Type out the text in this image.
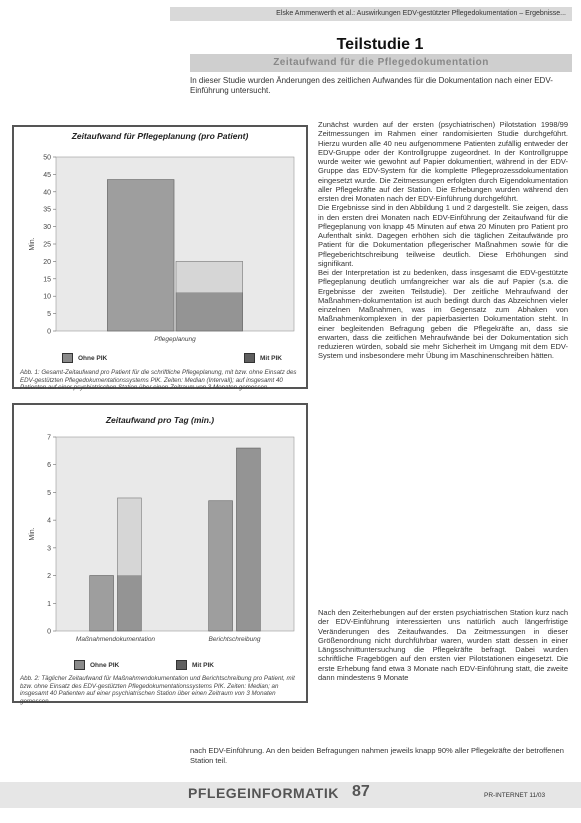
Elske Ammenwerth et al.: Auswirkungen EDV-gestützter Pflegedokumentation – Ergebnisse...
Teilstudie 1
Zeitaufwand für die Pflegedokumentation
In dieser Studie wurden Änderungen des zeitlichen Aufwandes für die Dokumentation nach einer EDV-Einführung untersucht.
Zeitaufwand für Pflegeplanung (pro Patient)
0
5
10
15
20
25
30
35
40
45
50
Min.
Pflegeplanung
Ohne PIK	Mit PIK
Abb. 1: Gesamt-Zeitaufwand pro Patient für die schriftliche Pflegeplanung, mit bzw. ohne Einsatz des EDV-gestützten Pflegedokumentationssystems PIK. Zeiten: Median (Intervall); auf insgesamt 40 Patienten auf einer psychiatrischen Station über einen Zeitraum von 3 Monaten gemessen.
Zeitaufwand pro Tag (min.)
0
1
2
3
4
5
6
7
Min.
Maßnahmendokumentation	Berichtschreibung
Ohne PIK	Mit PIK
Abb. 2: Täglicher Zeitaufwand für Maßnahmendokumentation und Berichtschreibung pro Patient, mit bzw. ohne Einsatz des EDV-gestützten Pflegedokumentationssystems PIK. Zeiten: Median; an insgesamt 40 Patienten auf einer psychiatrischen Station über einen Zeitraum von 3 Monaten gemessen.

Zunächst wurden auf der ersten (psychiatrischen) Pilotstation 1998/99 Zeitmessungen im Rahmen einer randomisierten Studie durchgeführt. Hierzu wurden alle 40 neu aufgenommene Patienten zufällig entweder der EDV-Gruppe oder der Kontrollgruppe zugeordnet. In der Kontrollgruppe wurde weiter wie gewohnt auf Papier dokumentiert, während in der EDV-Gruppe das EDV-System für die komplette Pflegeprozessdokumentation eingesetzt wurde. Die Zeitmessungen erfolgten durch Eigendokumentation aller Pflegekräfte auf der Station. Die Erhebungen wurden während den ersten drei Monaten nach der EDV-Einführung durchgeführt.

Die Ergebnisse sind in den Abbildung 1 und 2 dargestellt. Sie zeigen, dass in den ersten drei Monaten nach EDV-Einführung der Zeitaufwand für die Pflegeplanung von knapp 45 Minuten auf etwa 20 Minuten pro Patient pro Aufenthalt sinkt. Dagegen erhöhen sich die täglichen Zeitaufwände pro Patient für die Dokumentation pflegerischer Maßnahmen sowie für die Pflegeberichtschreibung teilweise deutlich. Diese Erhöhungen sind signifikant.

Bei der Interpretation ist zu bedenken, dass insgesamt die EDV-gestützte Pflegeplanung deutlich umfangreicher war als die auf Papier (s.a. die Ergebnisse der zweiten Teilstudie). Der zeitliche Mehraufwand der Maßnahmen-dokumentation ist auch bedingt durch das Abzeichnen vieler einzelnen Maßnahmen, was im Gegensatz zum Abhaken von Maßnahmenkomplexen in der papierbasierten Dokumentation steht. In einer begleitenden Befragung geben die Pflegekräfte an, dass sie erwarten, dass die zeitlichen Mehraufwände bei der Dokumentation sich reduzieren würden, sobald sie mehr Sicherheit im Umgang mit dem EDV-System und insbesondere mehr Übung im Maschinenschreiben hätten.

Nach den Zeiterhebungen auf der ersten psychiatrischen Station kurz nach der EDV-Einführung interessierten uns natürlich auch längerfristige Veränderungen des Zeitaufwandes. Da Zeitmessungen in dieser Größenordnung nicht durchführbar waren, wurden statt dessen in einer Längsschnittuntersuchung die Pflegekräfte befragt. Dabei wurden schriftliche Fragebögen auf den ersten vier Pilotstationen eingesetzt. Die erste Erhebung fand etwa 3 Monate nach EDV-Einführung statt, die zweite dann mindestens 9 Monate

nach EDV-Einführung. An den beiden Befragungen nahmen jeweils knapp 90% aller Pflegekräfte der betroffenen Station teil.
PFLEGEINFORMATIK 87	PR-INTERNET 11/03
